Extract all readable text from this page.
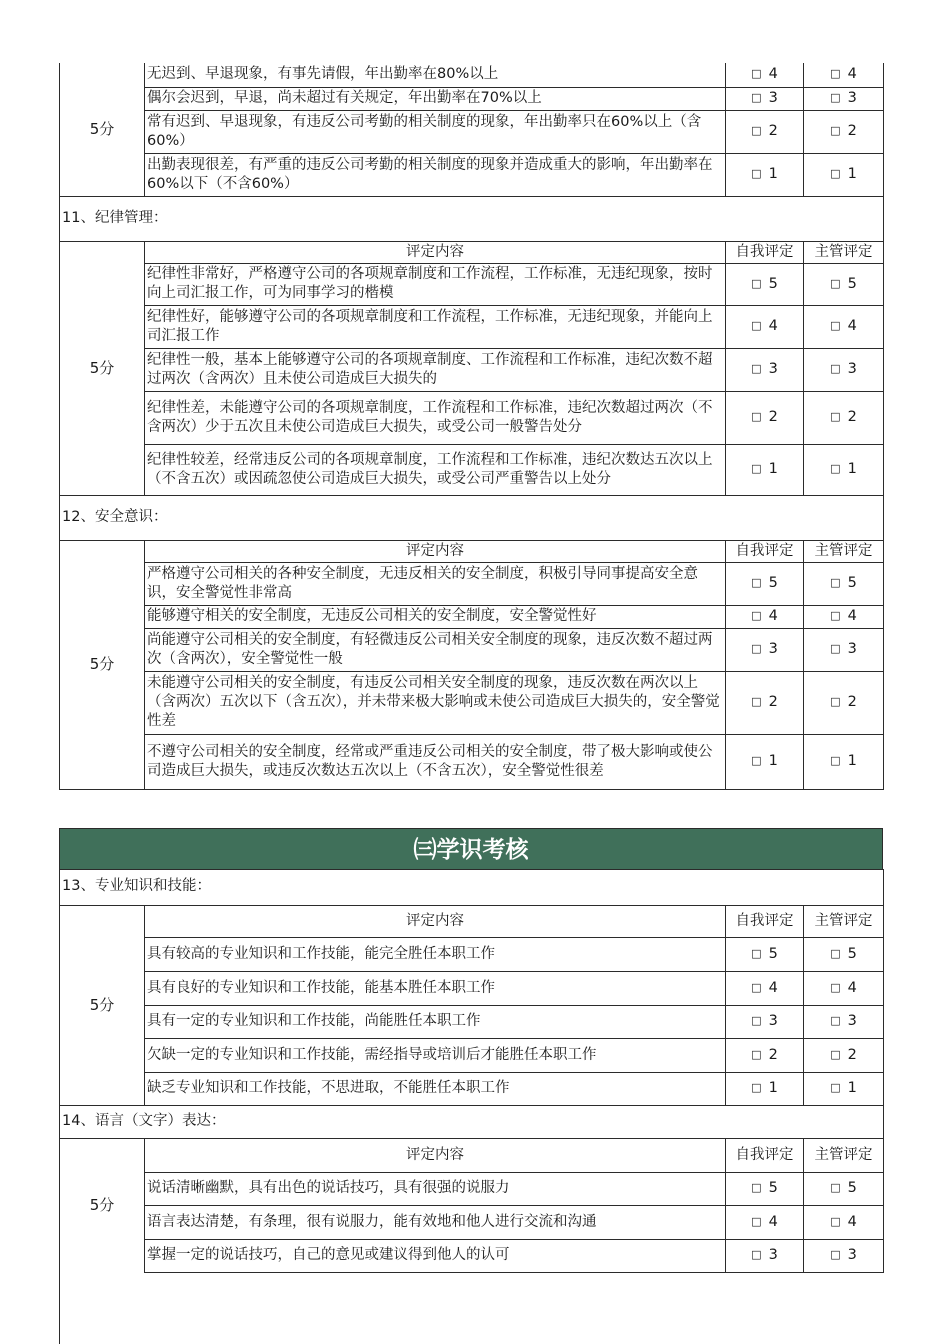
5分	无迟到、早退现象，有事先请假，年出勤率在80%以上	□ 4	□ 4
	偶尔会迟到，早退，尚未超过有关规定，年出勤率在70%以上	□ 3	□ 3
	常有迟到、早退现象，有违反公司考勤的相关制度的现象，年出勤率只在60%以上（含60%）	□ 2	□ 2
	出勤表现很差，有严重的违反公司考勤的相关制度的现象并造成重大的影响，年出勤率在60%以下（不含60%）	□ 1	□ 1
11、纪律管理：			
5分	评定内容	自我评定	主管评定
	纪律性非常好，严格遵守公司的各项规章制度和工作流程，工作标准，无违纪现象，按时向上司汇报工作，可为同事学习的楷模	□ 5	□ 5
	纪律性好，能够遵守公司的各项规章制度和工作流程，工作标准，无违纪现象，并能向上司汇报工作	□ 4	□ 4
	纪律性一般，基本上能够遵守公司的各项规章制度、工作流程和工作标准，违纪次数不超过两次（含两次）且未使公司造成巨大损失的	□ 3	□ 3
	纪律性差，未能遵守公司的各项规章制度，工作流程和工作标准，违纪次数超过两次（不含两次）少于五次且未使公司造成巨大损失，或受公司一般警告处分	□ 2	□ 2
	纪律性较差，经常违反公司的各项规章制度，工作流程和工作标准，违纪次数达五次以上（不含五次）或因疏忽使公司造成巨大损失，或受公司严重警告以上处分	□ 1	□ 1
12、安全意识：			
5分	评定内容	自我评定	主管评定
	严格遵守公司相关的各种安全制度，无违反相关的安全制度，积极引导同事提高安全意识，安全警觉性非常高	□ 5	□ 5
	能够遵守相关的安全制度，无违反公司相关的安全制度，安全警觉性好	□ 4	□ 4
	尚能遵守公司相关的安全制度，有轻微违反公司相关安全制度的现象，违反次数不超过两次（含两次），安全警觉性一般	□ 3	□ 3
	未能遵守公司相关的安全制度，有违反公司相关安全制度的现象，违反次数在两次以上（含两次）五次以下（含五次），并未带来极大影响或未使公司造成巨大损失的，安全警觉性差	□ 2	□ 2
	不遵守公司相关的安全制度，经常或严重违反公司相关的安全制度，带了极大影响或使公司造成巨大损失，或违反次数达五次以上（不含五次），安全警觉性很差	□ 1	□ 1
㈢学识考核
13、专业知识和技能：			
5分	评定内容	自我评定	主管评定
	具有较高的专业知识和工作技能，能完全胜任本职工作	□ 5	□ 5
	具有良好的专业知识和工作技能，能基本胜任本职工作	□ 4	□ 4
	具有一定的专业知识和工作技能，尚能胜任本职工作	□ 3	□ 3
	欠缺一定的专业知识和工作技能，需经指导或培训后才能胜任本职工作	□ 2	□ 2
	缺乏专业知识和工作技能，不思进取，不能胜任本职工作	□ 1	□ 1
14、语言（文字）表达：			
5分	评定内容	自我评定	主管评定
	说话清晰幽默，具有出色的说话技巧，具有很强的说服力	□ 5	□ 5
	语言表达清楚，有条理，很有说服力，能有效地和他人进行交流和沟通	□ 4	□ 4
	掌握一定的说话技巧，自己的意见或建议得到他人的认可	□ 3	□ 3
